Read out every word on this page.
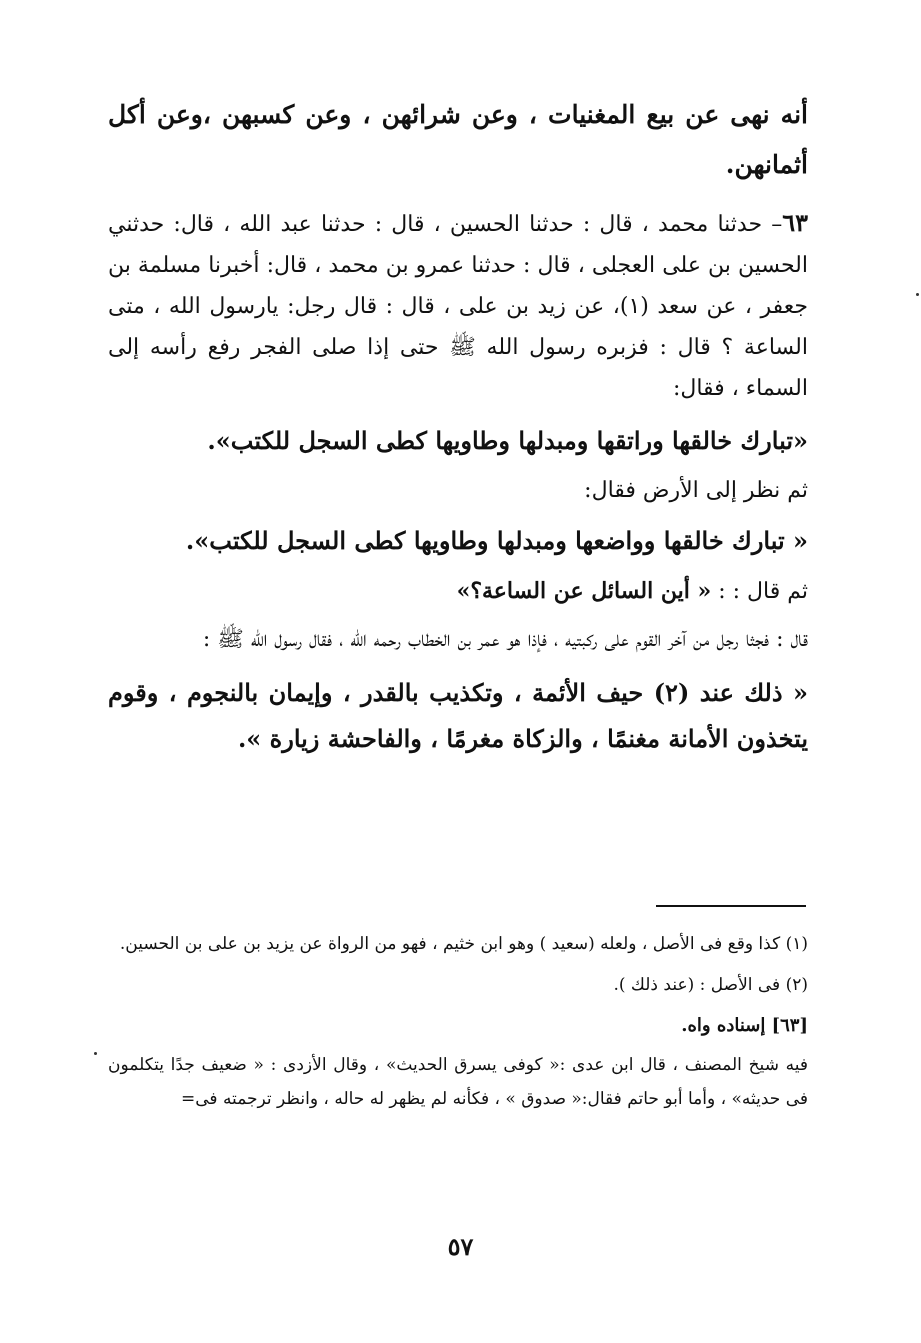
أنه نهى عن بيع المغنيات ، وعن شرائهن ، وعن كسبهن ،وعن أكل أثمانهن.

٦٣– حدثنا محمد ، قال : حدثنا الحسين ، قال : حدثنا عبد الله ، قال: حدثني الحسين بن على العجلى ، قال : حدثنا عمرو بن محمد ، قال: أخبرنا مسلمة بن جعفر ، عن سعد (١)، عن زيد بن على ، قال : قال رجل: يارسول الله ، متى الساعة ؟ قال : فزبره رسول الله ﷺ حتى إذا صلى الفجر رفع رأسه إلى السماء ، فقال:

«تبارك خالقها وراتقها ومبدلها وطاويها كطى السجل للكتب».

ثم نظر إلى الأرض فقال:

« تبارك خالقها وواضعها ومبدلها وطاويها كطى السجل للكتب».

ثم قال : : « أين السائل عن الساعة؟»

قال : فجثا رجل من آخر القوم على ركبتيه ، فإذا هو عمر بن الخطاب رحمه الله ، فقال رسول الله ﷺ :

« ذلك عند (٢) حيف الأئمة ، وتكذيب بالقدر ، وإيمان بالنجوم ، وقوم يتخذون الأمانة مغنمًا ، والزكاة مغرمًا ، والفاحشة زيارة ».

(١) كذا وقع فى الأصل ، ولعله (سعيد ) وهو ابن خثيم ، فهو من الرواة عن يزيد بن على بن الحسين.

(٢) فى الأصل : (عند ذلك ).

[٦٣] إسناده واه.

فيه شيخ المصنف ، قال ابن عدى :« كوفى يسرق الحديث» ، وقال الأزدى : « ضعيف جدًا يتكلمون فى حديثه» ، وأما أبو حاتم فقال:« صدوق » ، فكأنه لم يظهر له حاله ، وانظر ترجمته فى=

٥٧
